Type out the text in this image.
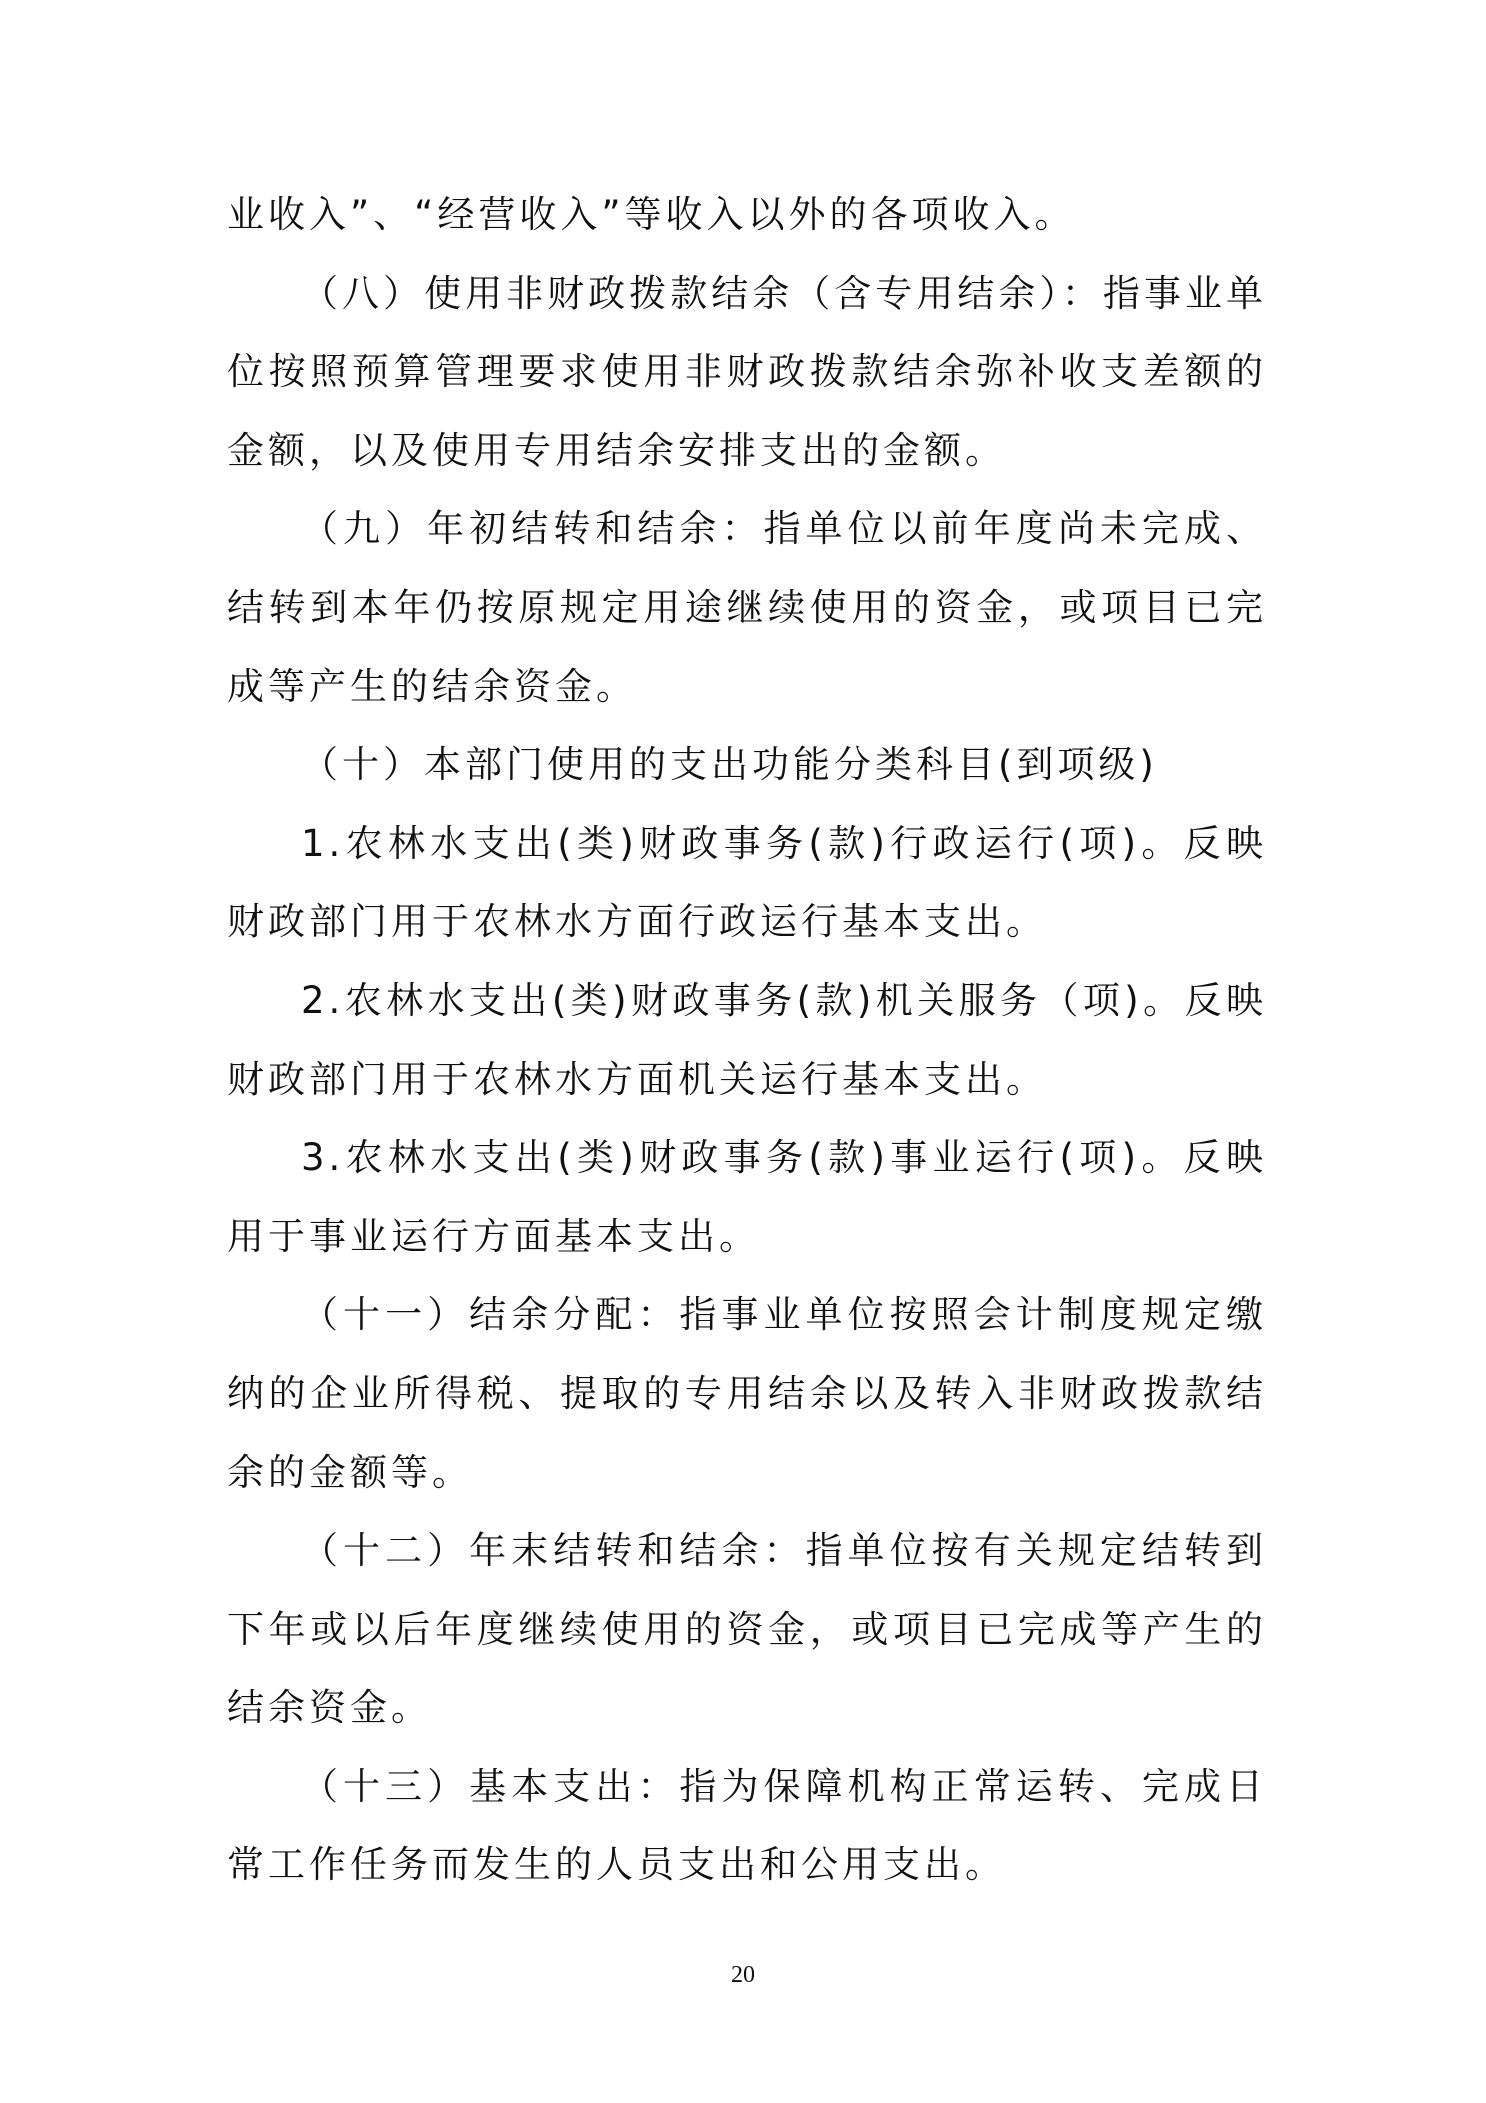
业收入”、“经营收入”等收入以外的各项收入。

（八）使用非财政拨款结余（含专用结余）：指事业单位按照预算管理要求使用非财政拨款结余弥补收支差额的金额，以及使用专用结余安排支出的金额。

（九）年初结转和结余：指单位以前年度尚未完成、结转到本年仍按原规定用途继续使用的资金，或项目已完成等产生的结余资金。

（十）本部门使用的支出功能分类科目(到项级)

1.农林水支出(类)财政事务(款)行政运行(项)。反映财政部门用于农林水方面行政运行基本支出。

2.农林水支出(类)财政事务(款)机关服务（项)。反映财政部门用于农林水方面机关运行基本支出。

3.农林水支出(类)财政事务(款)事业运行(项)。反映用于事业运行方面基本支出。

（十一）结余分配：指事业单位按照会计制度规定缴纳的企业所得税、提取的专用结余以及转入非财政拨款结余的金额等。

（十二）年末结转和结余：指单位按有关规定结转到下年或以后年度继续使用的资金，或项目已完成等产生的结余资金。

（十三）基本支出：指为保障机构正常运转、完成日常工作任务而发生的人员支出和公用支出。

20
